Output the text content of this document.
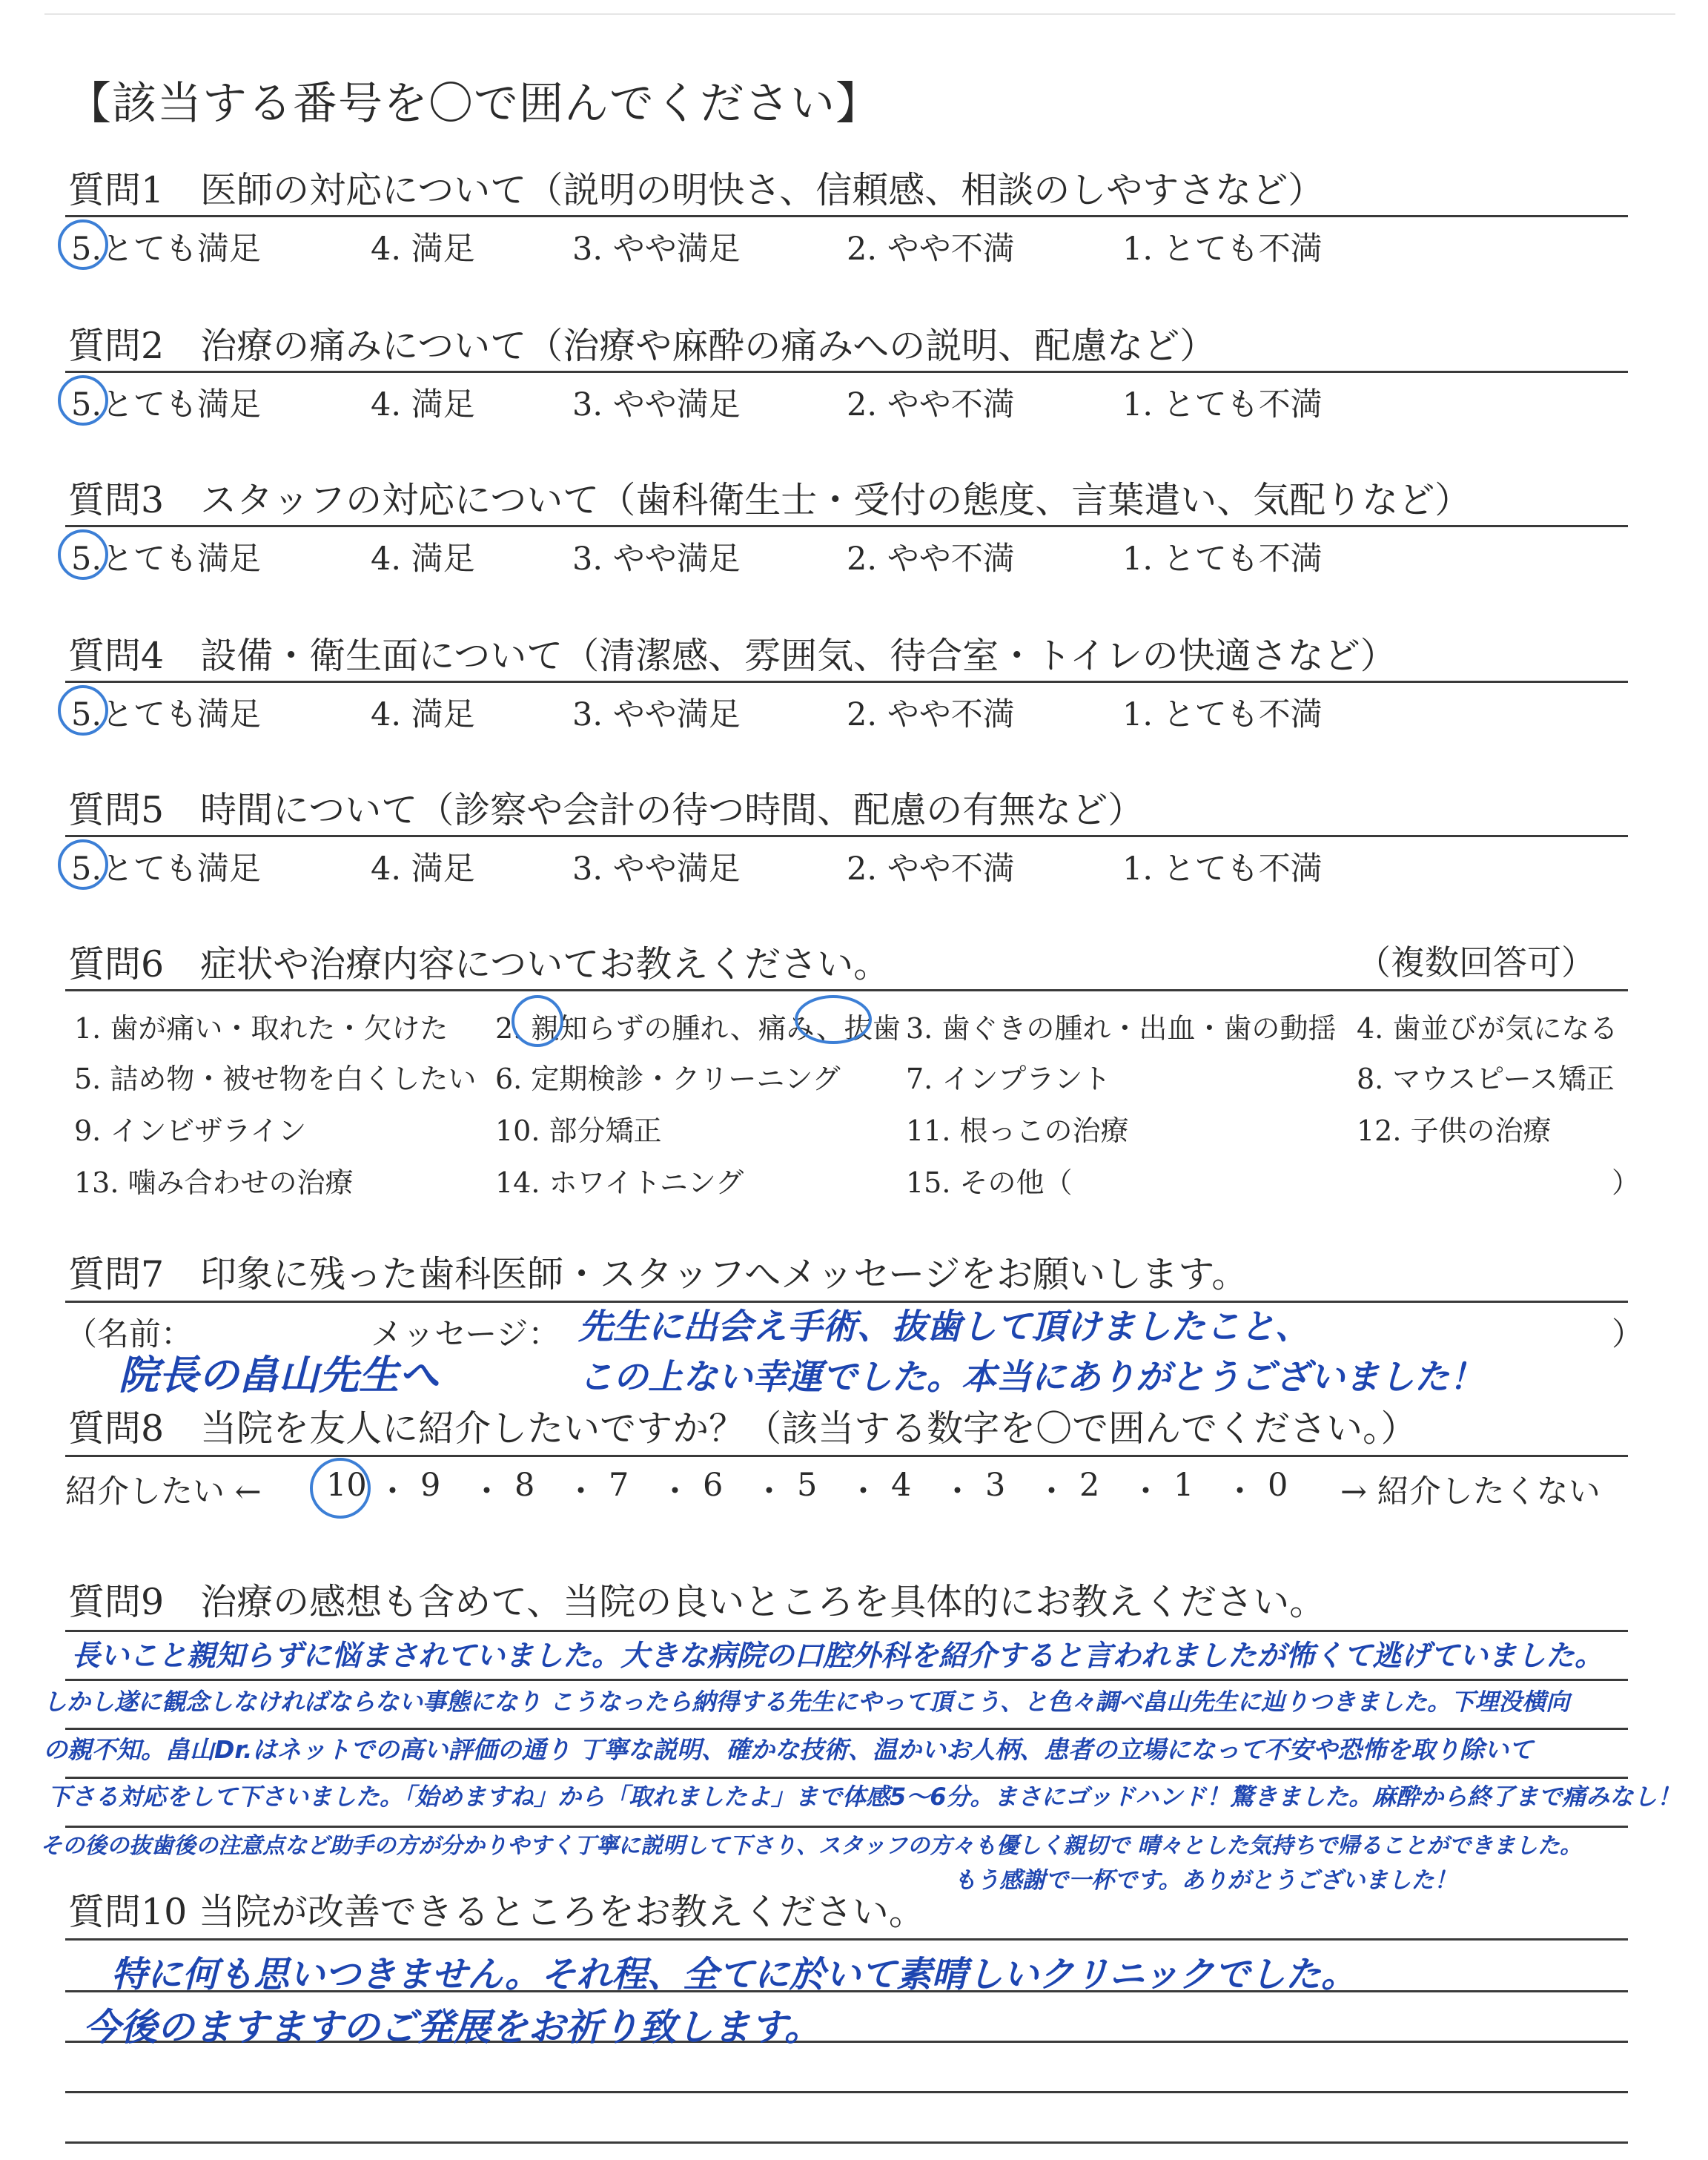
【該当する番号を〇で囲んでください】
質問1　医師の対応について（説明の明快さ、信頼感、相談のしやすさなど）
5.とても満足	4. 満足	3. やや満足	2. やや不満	1. とても不満
質問2　治療の痛みについて（治療や麻酔の痛みへの説明、配慮など）
5.とても満足	4. 満足	3. やや満足	2. やや不満	1. とても不満
質問3　スタッフの対応について（歯科衛生士・受付の態度、言葉遣い、気配りなど）
5.とても満足	4. 満足	3. やや満足	2. やや不満	1. とても不満
質問4　設備・衛生面について（清潔感、雰囲気、待合室・トイレの快適さなど）
5.とても満足	4. 満足	3. やや満足	2. やや不満	1. とても不満
質問5　時間について（診察や会計の待つ時間、配慮の有無など）
5.とても満足	4. 満足	3. やや満足	2. やや不満	1. とても不満
質問6　症状や治療内容についてお教えください。	（複数回答可）
1. 歯が痛い・取れた・欠けた 2. 親知らずの腫れ、痛み、抜歯 3. 歯ぐきの腫れ・出血・歯の動揺 4. 歯並びが気になる
5. 詰め物・被せ物を白くしたい 6. 定期検診・クリーニング 7. インプラント	8. マウスピース矯正
9. インビザライン	10. 部分矯正	11. 根っこの治療	12. 子供の治療
13. 噛み合わせの治療	14. ホワイトニング	15. その他（	）
質問7　印象に残った歯科医師・スタッフへメッセージをお願いします。
（名前：	メッセージ：	）
院長の畠山先生へ
先生に出会え手術、抜歯して頂けましたこと、
この上ない幸運でした。本当にありがとうございました！
質問8　当院を友人に紹介したいですか？（該当する数字を〇で囲んでください。）
紹介したい ← 10 ・ 9 ・ 8 ・ 7 ・ 6 ・ 5 ・ 4 ・ 3 ・ 2 ・ 1 ・ 0 → 紹介したくない
質問9　治療の感想も含めて、当院の良いところを具体的にお教えください。
長いこと親知らずに悩まされていました。大きな病院の口腔外科を紹介すると言われましたが怖くて逃げていました。
しかし遂に観念しなければならない事態になり こうなったら納得する先生にやって頂こう、と色々調べ畠山先生に辿りつきました。下埋没横向
の親不知。畠山Dr.はネットでの高い評価の通り 丁寧な説明、確かな技術、温かいお人柄、患者の立場になって不安や恐怖を取り除いて
下さる対応をして下さいました。「始めますね」から「取れましたよ」まで体感5〜6分。まさにゴッドハンド！驚きました。麻酔から終了まで痛みなし！
その後の抜歯後の注意点など助手の方が分かりやすく丁寧に説明して下さり、スタッフの方々も優しく親切で 晴々とした気持ちで帰ることができました。
もう感謝で一杯です。ありがとうございました！
質問10 当院が改善できるところをお教えください。
特に何も思いつきません。それ程、全てに於いて素晴しいクリニックでした。
今後のますますのご発展をお祈り致します。
